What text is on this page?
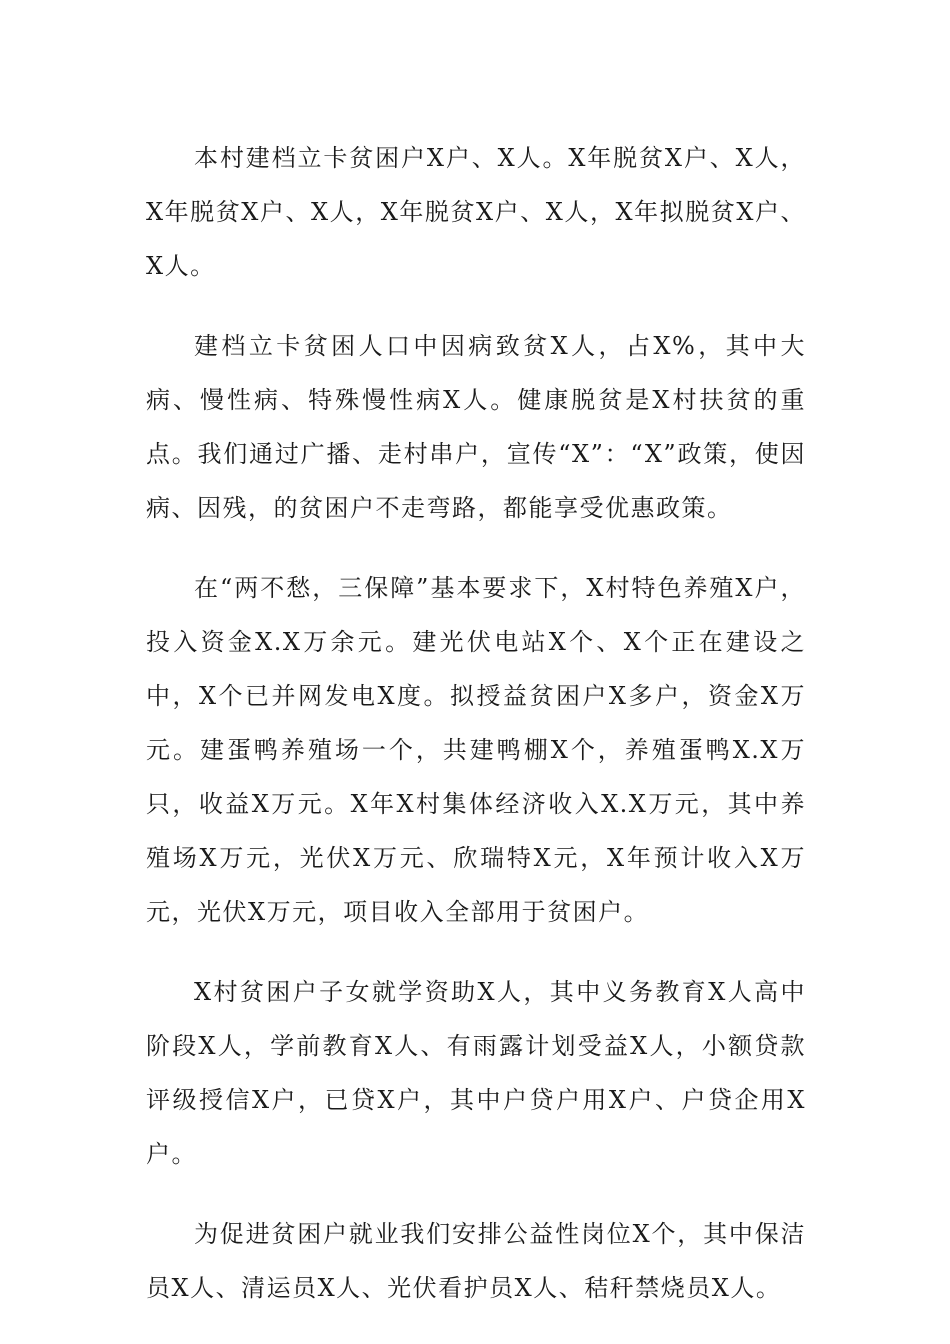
本村建档立卡贫困户X户、X人。X年脱贫X户、X人，X年脱贫X户、X人，X年脱贫X户、X人，X年拟脱贫X户、X人。

建档立卡贫困人口中因病致贫X人，占X%，其中大病、慢性病、特殊慢性病X人。健康脱贫是X村扶贫的重点。我们通过广播、走村串户，宣传“X”：“X”政策，使因病、因残，的贫困户不走弯路，都能享受优惠政策。

在“两不愁，三保障”基本要求下，X村特色养殖X户，投入资金X.X万余元。建光伏电站X个、X个正在建设之中，X个已并网发电X度。拟授益贫困户X多户，资金X万元。建蛋鸭养殖场一个，共建鸭棚X个，养殖蛋鸭X.X万只，收益X万元。X年X村集体经济收入X.X万元，其中养殖场X万元，光伏X万元、欣瑞特X元，X年预计收入X万元，光伏X万元，项目收入全部用于贫困户。

X村贫困户子女就学资助X人，其中义务教育X人高中阶段X人，学前教育X人、有雨露计划受益X人，小额贷款评级授信X户，已贷X户，其中户贷户用X户、户贷企用X户。

为促进贫困户就业我们安排公益性岗位X个，其中保洁员X人、清运员X人、光伏看护员X人、秸秆禁烧员X人。
